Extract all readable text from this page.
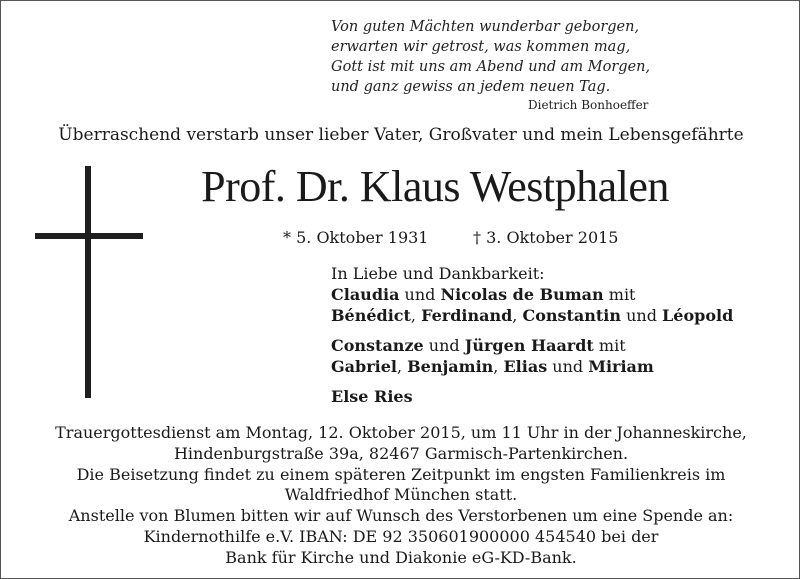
Von guten Mächten wunderbar geborgen,
erwarten wir getrost, was kommen mag,
Gott ist mit uns am Abend und am Morgen,
und ganz gewiss an jedem neuen Tag.
Dietrich Bonhoeffer
Überraschend verstarb unser lieber Vater, Großvater und mein Lebensgefährte
Prof. Dr. Klaus Westphalen
* 5. Oktober 1931	† 3. Oktober 2015
In Liebe und Dankbarkeit:
Claudia und Nicolas de Buman mit
Bénédict, Ferdinand, Constantin und Léopold
Constanze und Jürgen Haardt mit
Gabriel, Benjamin, Elias und Miriam
Else Ries
Trauergottesdienst am Montag, 12. Oktober 2015, um 11 Uhr in der Johanneskirche,
Hindenburgstraße 39a, 82467 Garmisch-Partenkirchen.
Die Beisetzung findet zu einem späteren Zeitpunkt im engsten Familienkreis im
Waldfriedhof München statt.
Anstelle von Blumen bitten wir auf Wunsch des Verstorbenen um eine Spende an:
Kindernothilfe e.V. IBAN: DE 92 350601900000 454540 bei der
Bank für Kirche und Diakonie eG-KD-Bank.
